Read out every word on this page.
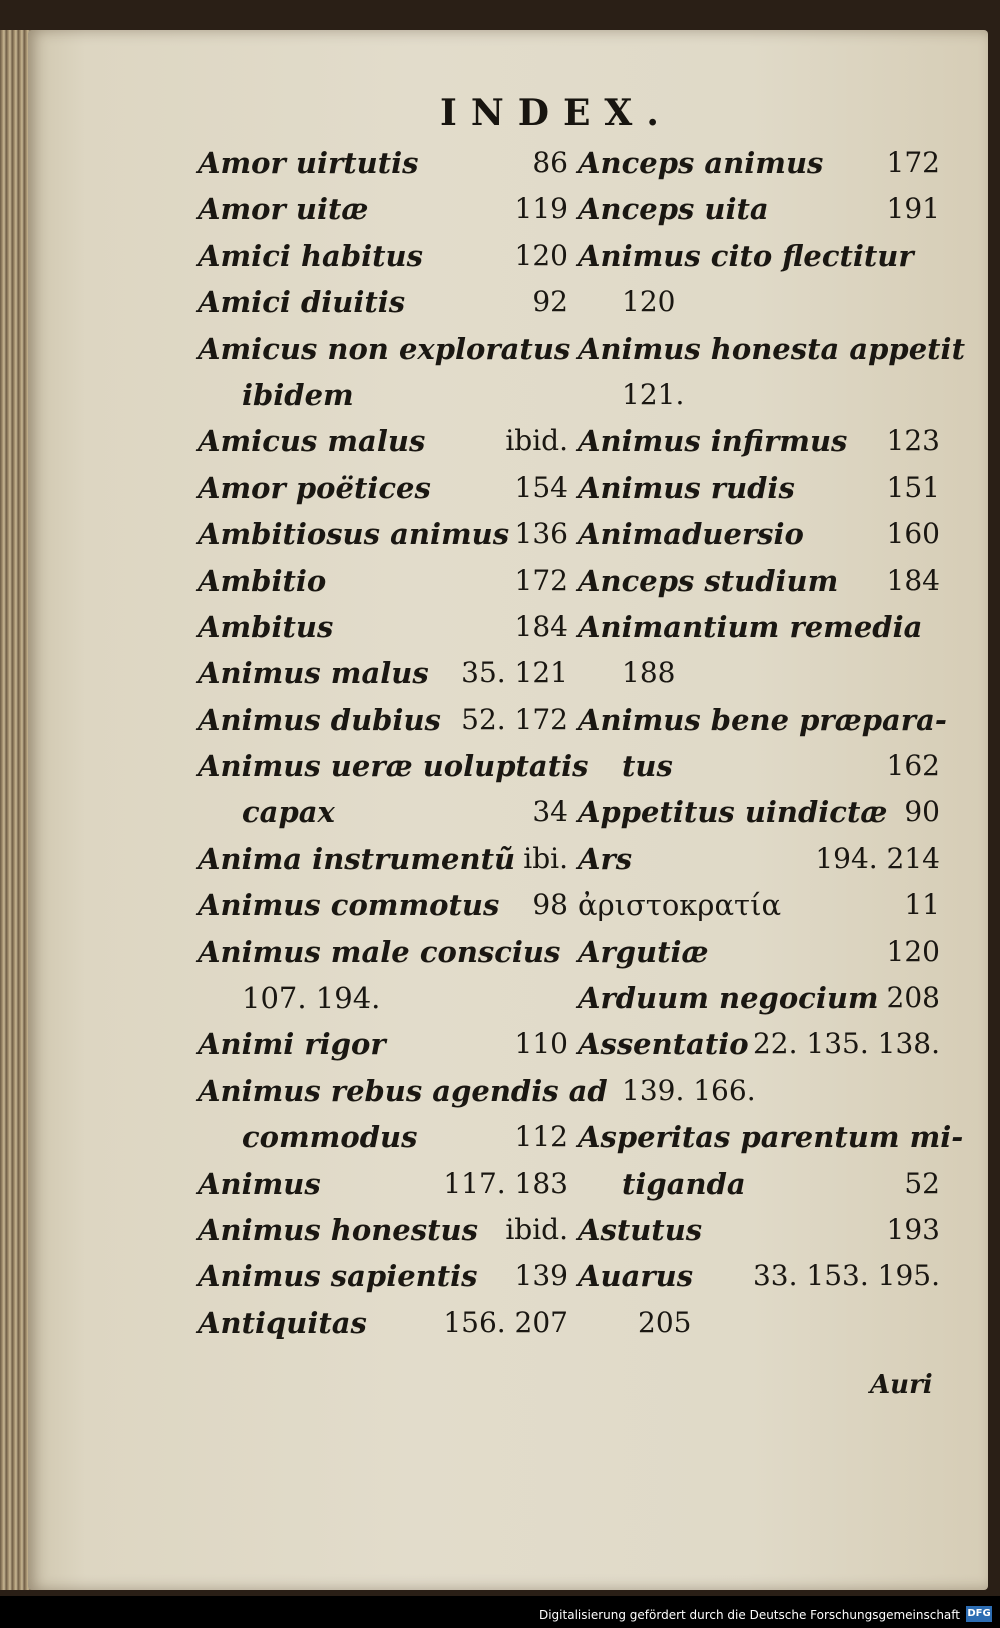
INDEX.
Amor uirtutis	86
Amor uitæ	119
Amici habitus	120
Amici diuitis	92
Amicus non exploratus
ibidem
Amicus malus	ibid.
Amor poëtices	154
Ambitiosus animus 136
Ambitio	172
Ambitus	184
Animus malus 35. 121
Animus dubius 52. 172
Animus ueræ uoluptatis
capax	34
Anima instrumentũ ibi.
Animus commotus 98
Animus male conscius
107. 194.
Animi rigor	110
Animus rebus agendis ad
commodus	112
Animus	117. 183
Animus honestus ibid.
Animus sapientis 139
Antiquitas	156. 207
Anceps animus 172
Anceps uita	191
Animus cito flectitur
120
Animus honesta appetit
121.
Animus infirmus 123
Animus rudis	151
Animaduersio	160
Anceps studium 184
Animantium remedia
188
Animus bene præpara-
tus	162
Appetitus uindictæ 90
Ars	194. 214
ἀριστοκρατία	11
Argutiæ	120
Arduum negocium 208
Assentatio 22. 135. 138.
139. 166.
Asperitas parentum mi-
tiganda	52
Astutus	193
Auarus 33. 153. 195.
205
Auri
Digitalisierung gefördert durch die Deutsche Forschungsgemeinschaft DFG
